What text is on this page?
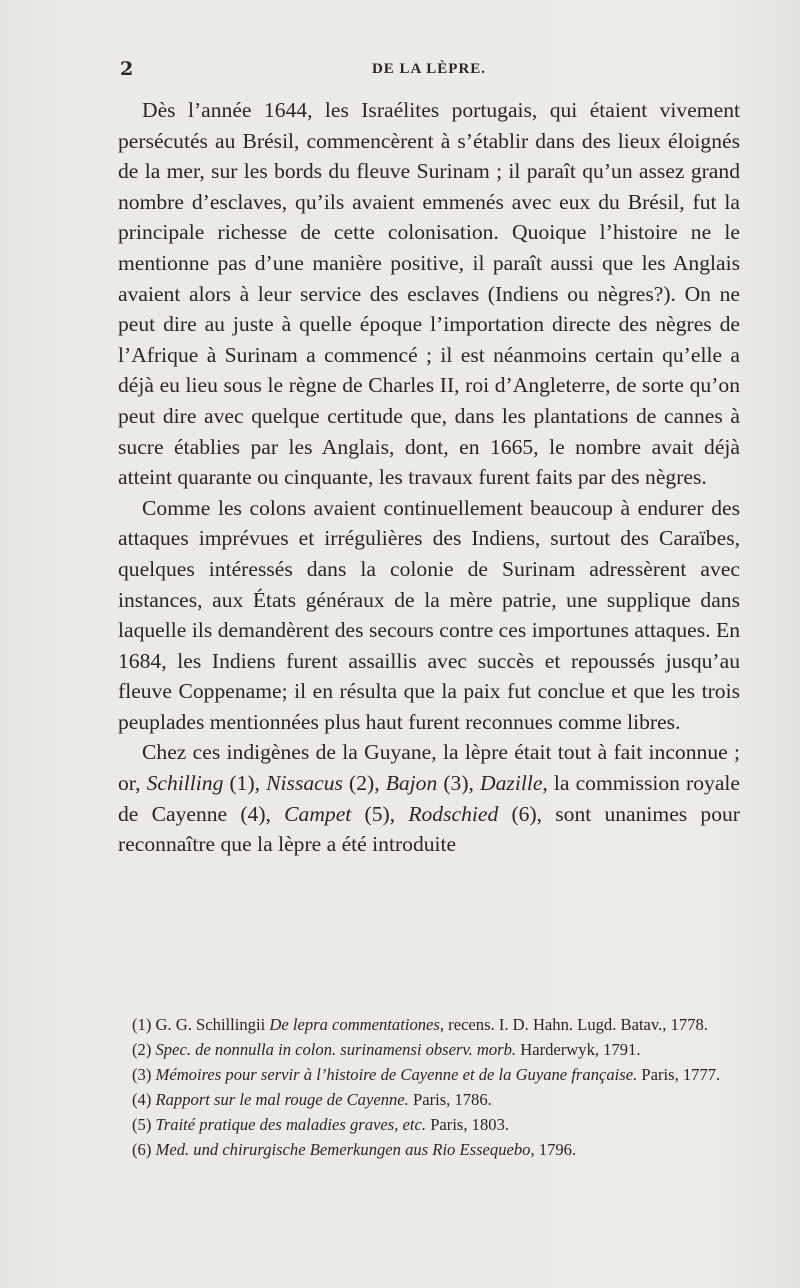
2	DE LA LÈPRE.

Dès l’année 1644, les Israélites portugais, qui étaient vivement persécutés au Brésil, commencèrent à s’établir dans des lieux éloignés de la mer, sur les bords du fleuve Surinam ; il paraît qu’un assez grand nombre d’esclaves, qu’ils avaient emmenés avec eux du Brésil, fut la principale richesse de cette colonisation. Quoique l’histoire ne le mentionne pas d’une manière positive, il paraît aussi que les Anglais avaient alors à leur service des esclaves (Indiens ou nègres?). On ne peut dire au juste à quelle époque l’importation directe des nègres de l’Afrique à Surinam a commencé ; il est néanmoins certain qu’elle a déjà eu lieu sous le règne de Charles II, roi d’Angleterre, de sorte qu’on peut dire avec quelque certitude que, dans les plantations de cannes à sucre établies par les Anglais, dont, en 1665, le nombre avait déjà atteint quarante ou cinquante, les travaux furent faits par des nègres.

Comme les colons avaient continuellement beaucoup à endurer des attaques imprévues et irrégulières des Indiens, surtout des Caraïbes, quelques intéressés dans la colonie de Surinam adressèrent avec instances, aux États généraux de la mère patrie, une supplique dans laquelle ils demandèrent des secours contre ces importunes attaques. En 1684, les Indiens furent assaillis avec succès et repoussés jusqu’au fleuve Coppename; il en résulta que la paix fut conclue et que les trois peuplades mentionnées plus haut furent reconnues comme libres.

Chez ces indigènes de la Guyane, la lèpre était tout à fait inconnue ; or, Schilling (1), Nissacus (2), Bajon (3), Dazille, la commission royale de Cayenne (4), Campet (5), Rodschied (6), sont unanimes pour reconnaître que la lèpre a été introduite

(1) G. G. Schillingii De lepra commentationes, recens. I. D. Hahn. Lugd. Batav., 1778.

(2) Spec. de nonnulla in colon. surinamensi observ. morb. Harderwyk, 1791.

(3) Mémoires pour servir à l’histoire de Cayenne et de la Guyane française. Paris, 1777.

(4) Rapport sur le mal rouge de Cayenne. Paris, 1786.

(5) Traité pratique des maladies graves, etc. Paris, 1803.

(6) Med. und chirurgische Bemerkungen aus Rio Essequebo, 1796.
